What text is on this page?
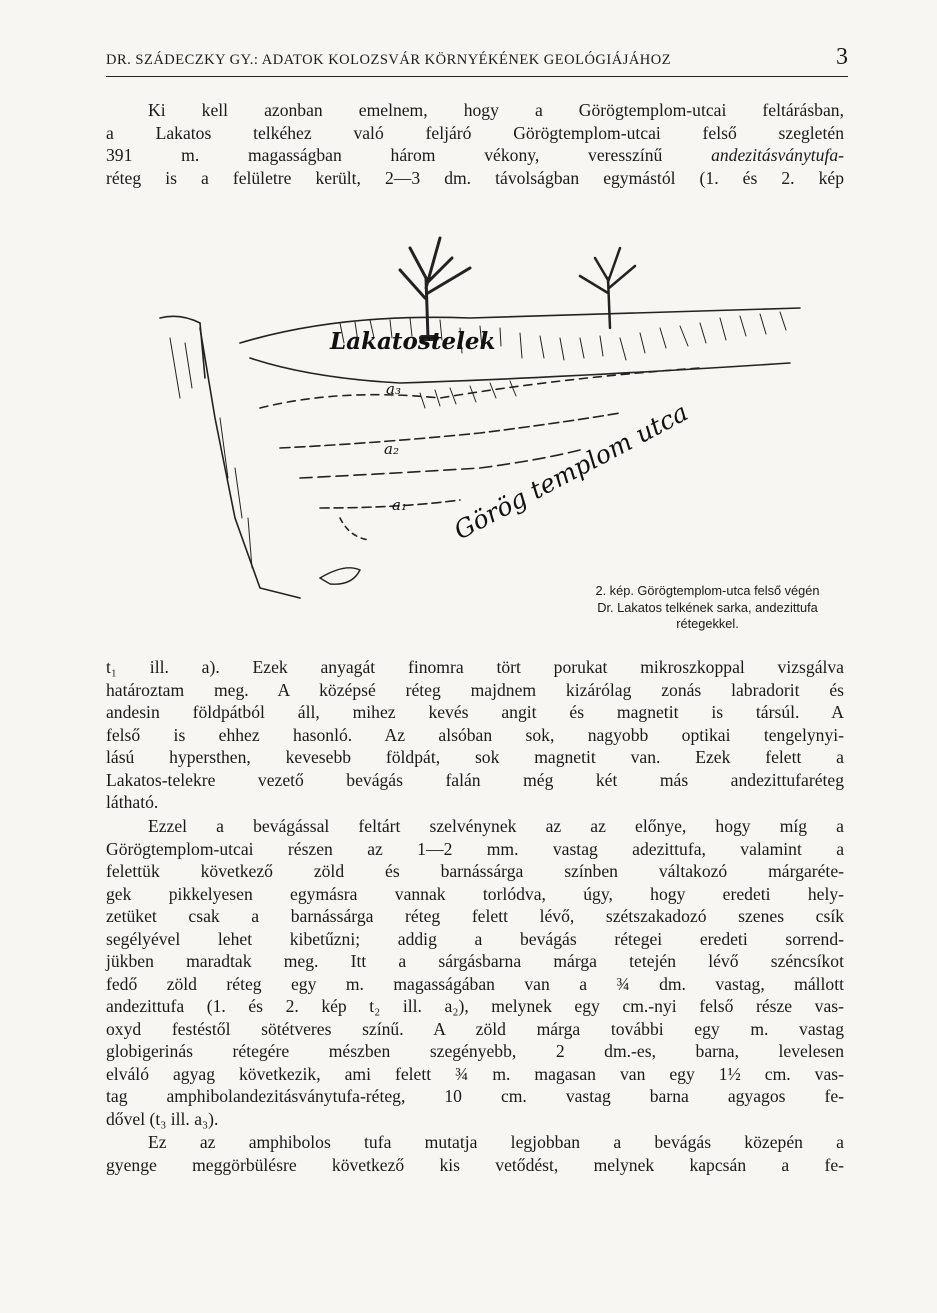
DR. SZÁDECZKY GY.: ADATOK KOLOZSVÁR KÖRNYÉKÉNEK GEOLÓGIÁJÁHOZ	3
Ki kell azonban emelnem, hogy a Görögtemplom-utcai feltárásban,
a Lakatos telkéhez való feljáró Görögtemplom-utcai felső szegletén
391 m. magasságban három vékony, veresszínű andezitásványtufa-
réteg is a felületre került, 2—3 dm. távolságban egymástól (1. és 2. kép
Lakatostelek
a₃
a₂
a₁ Görög templom utca
2. kép. Görögtemplom-utca felső végén
Dr. Lakatos telkének sarka, andezittufa
rétegekkel.
t₁ ill. a). Ezek anyagát finomra tört porukat mikroszkoppal vizsgálva
határoztam meg. A középsé réteg majdnem kizárólag zonás labradorit és
andesin földpátból áll, mihez kevés angit és magnetit is társúl. A
felső is ehhez hasonló. Az alsóban sok, nagyobb optikai tengelynyi-
lású hypersthen, kevesebb földpát, sok magnetit van. Ezek felett a
Lakatos-telekre vezető bevágás falán még két más andezittufaréteg
látható.
Ezzel a bevágással feltárt szelvénynek az az előnye, hogy míg a
Görögtemplom-utcai részen az 1—2 mm. vastag adezittufa, valamint a
felettük következő zöld és barnássárga színben váltakozó márgaréte-
gek pikkelyesen egymásra vannak torlódva, úgy, hogy eredeti hely-
zetüket csak a barnássárga réteg felett lévő, szétszakadozó szenes csík
segélyével lehet kibetűzni; addig a bevágás rétegei eredeti sorrend-
jükben maradtak meg. Itt a sárgásbarna márga tetején lévő széncsíkot
fedő zöld réteg egy m. magasságában van a ¾ dm. vastag, mállott
andezittufa (1. és 2. kép t₂ ill. a₂), melynek egy cm.-nyi felső része vas-
oxyd festéstől sötétveres színű. A zöld márga további egy m. vastag
globigerinás rétegére mészben szegényebb, 2 dm.-es, barna, levelesen
elváló agyag következik, ami felett ¾ m. magasan van egy 1½ cm. vas-
tag amphibolandezitásványtufa-réteg, 10 cm. vastag barna agyagos fe-
dővel (t₃ ill. a₃).
Ez az amphibolos tufa mutatja legjobban a bevágás közepén a
gyenge meggörbülésre következő kis vetődést, melynek kapcsán a fe-
